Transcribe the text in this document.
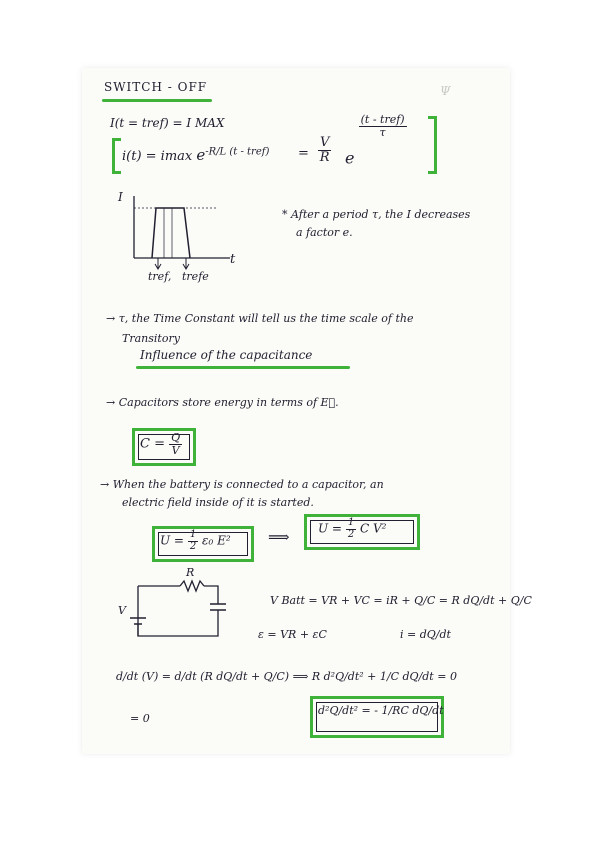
Ψ
SWITCH - OFF
I(t = tref) = I MAX
i(t) = imax $e^{-R/L (t - tref)} = \frac{V}{R}$ e
$\frac{\text{(t - tref)}}{\tau}$
I
t
tref, trefe
* After a period τ, the I decreases
a factor e.
→ τ, the Time Constant will tell us the time scale of the
Transitory
Influence of the capacitance
→ Capacitors store energy in terms of E⃗.
$C = \frac{Q}{V}$
→ When the battery is connected to a capacitor, an
electric field inside of it is started.
$U = \frac{1}{2} \varepsilon_0$ E² ⟹ $U = \frac{1}{2}$ C V²
R
V
V Batt = VR + VC = iR + Q/C = R dQ/dt + Q/C
i = dQ/dt
ε = VR + εC
d/dt (V) = d/dt (R dQ/dt + Q/C) ⟹ R d²Q/dt² + 1/C dQ/dt = 0
= 0
d²Q/dt² = - 1/RC dQ/dt
